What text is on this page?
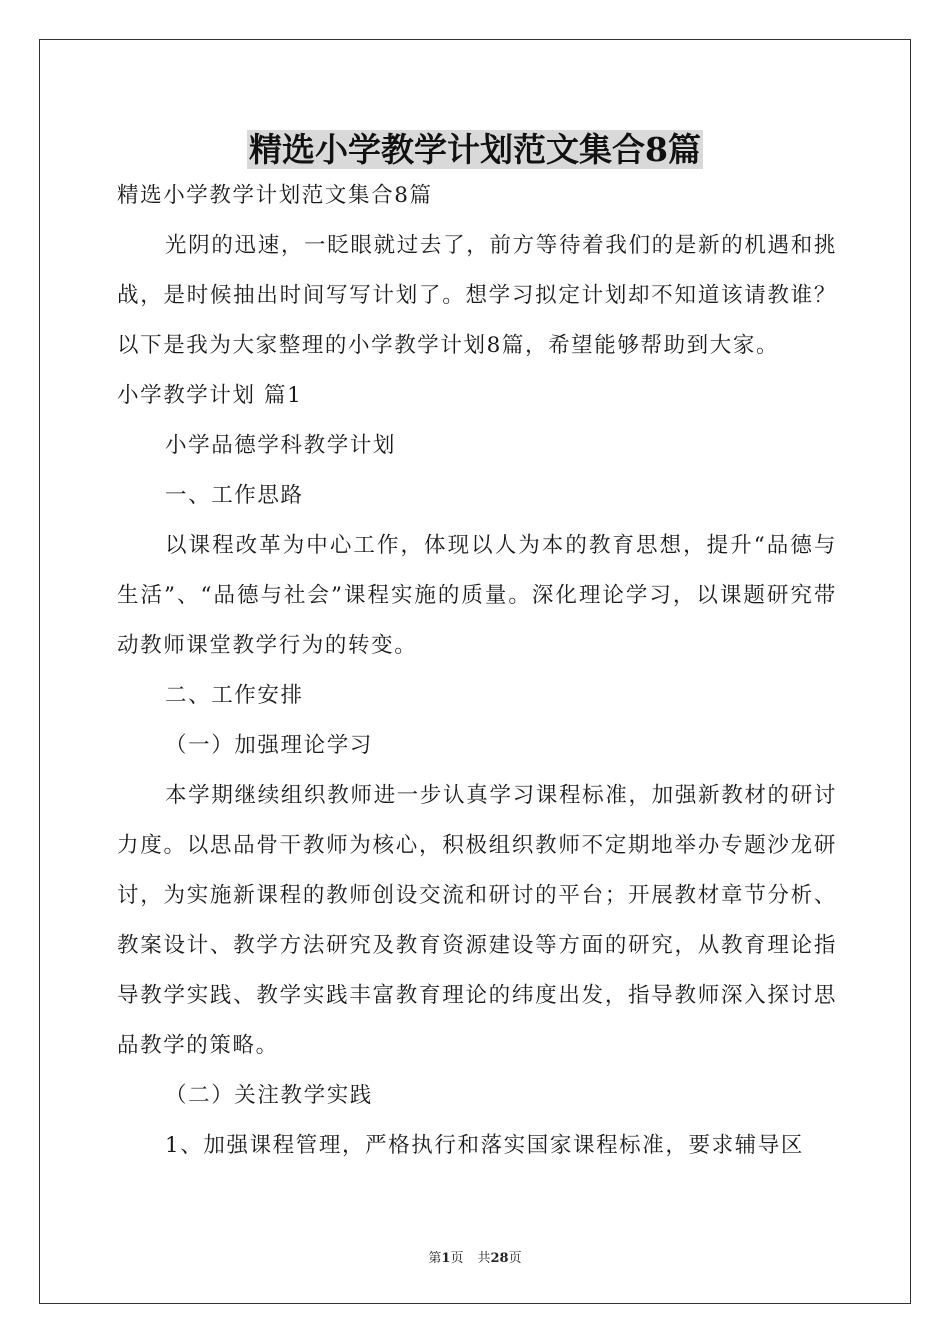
精选小学教学计划范文集合8篇

精选小学教学计划范文集合8篇

光阴的迅速，一眨眼就过去了，前方等待着我们的是新的机遇和挑战，是时候抽出时间写写计划了。想学习拟定计划却不知道该请教谁？以下是我为大家整理的小学教学计划8篇，希望能够帮助到大家。

小学教学计划 篇1

小学品德学科教学计划

一、工作思路

以课程改革为中心工作，体现以人为本的教育思想，提升“品德与生活”、“品德与社会”课程实施的质量。深化理论学习，以课题研究带动教师课堂教学行为的转变。

二、工作安排

（一）加强理论学习

本学期继续组织教师进一步认真学习课程标准，加强新教材的研讨力度。以思品骨干教师为核心，积极组织教师不定期地举办专题沙龙研讨，为实施新课程的教师创设交流和研讨的平台；开展教材章节分析、教案设计、教学方法研究及教育资源建设等方面的研究，从教育理论指导教学实践、教学实践丰富教育理论的纬度出发，指导教师深入探讨思品教学的策略。

（二）关注教学实践

1、加强课程管理，严格执行和落实国家课程标准，要求辅导区

第1页 共28页
